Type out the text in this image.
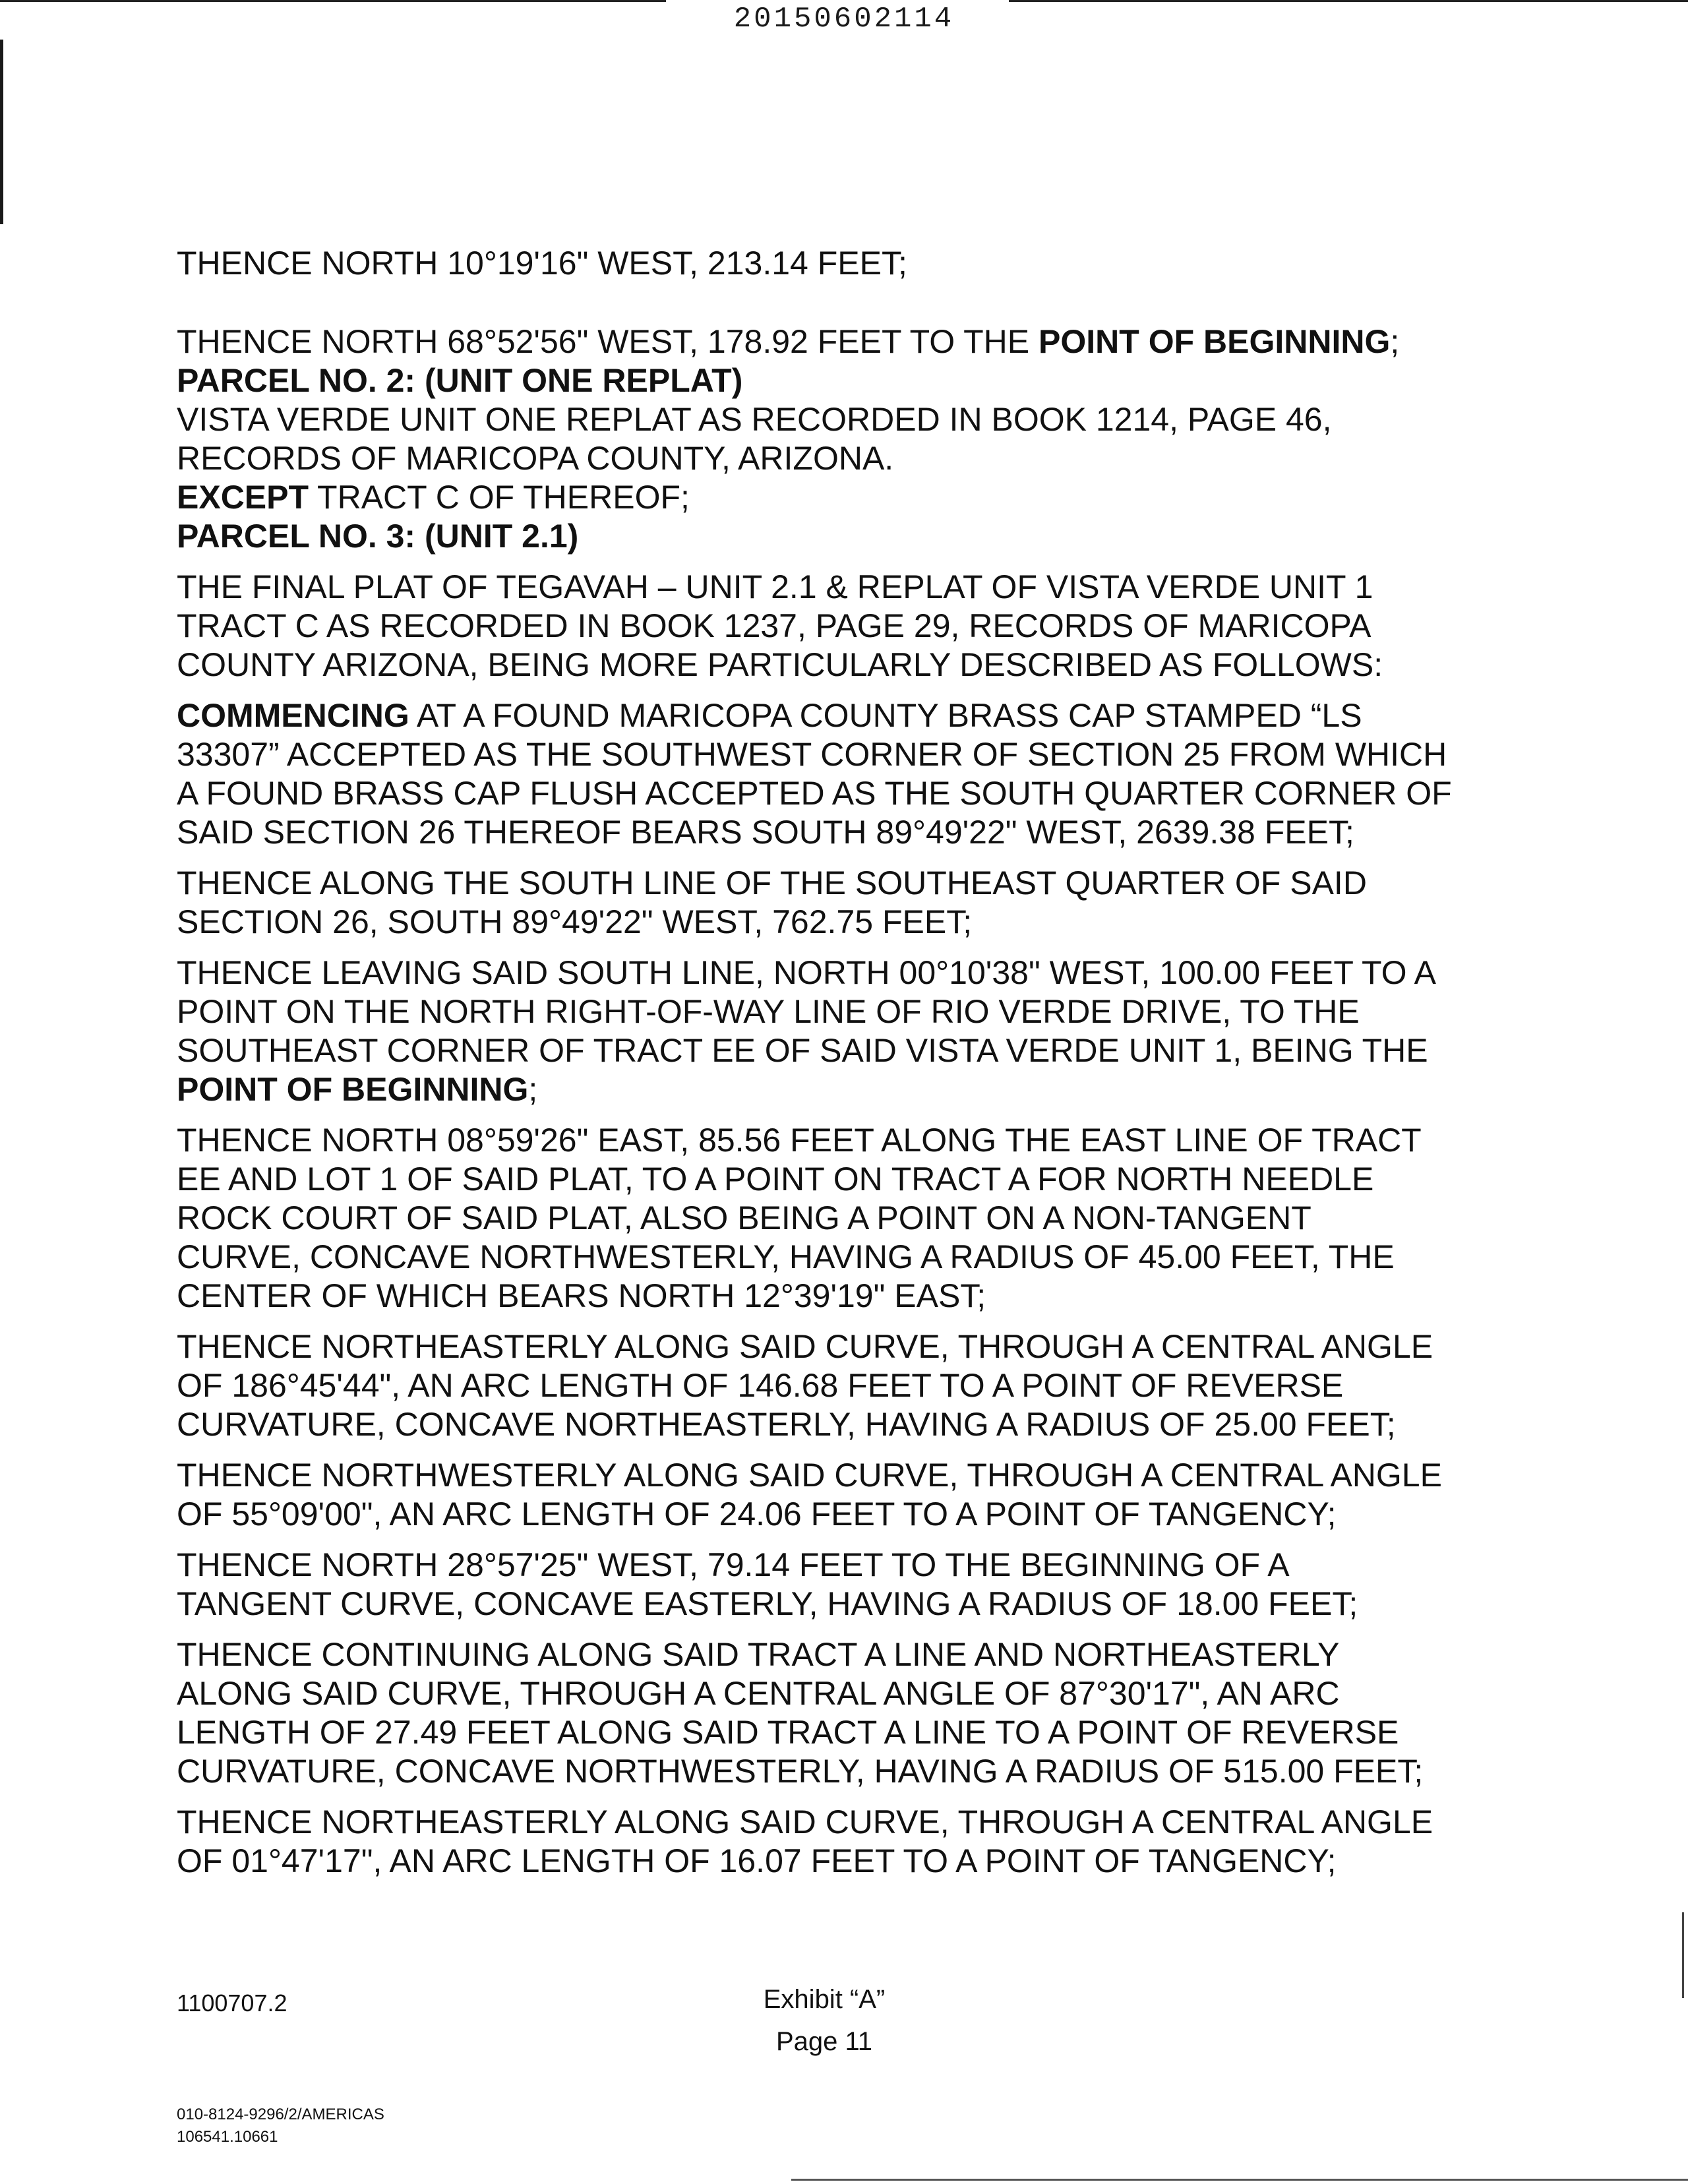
20150602114

THENCE NORTH 10°19'16" WEST, 213.14 FEET;

THENCE NORTH 68°52'56" WEST, 178.92 FEET TO THE POINT OF BEGINNING;

PARCEL NO. 2: (UNIT ONE REPLAT)

VISTA VERDE UNIT ONE REPLAT AS RECORDED IN BOOK 1214, PAGE 46,
RECORDS OF MARICOPA COUNTY, ARIZONA.

EXCEPT TRACT C OF THEREOF;

PARCEL NO. 3: (UNIT 2.1)

THE FINAL PLAT OF TEGAVAH – UNIT 2.1 & REPLAT OF VISTA VERDE UNIT 1
TRACT C AS RECORDED IN BOOK 1237, PAGE 29, RECORDS OF MARICOPA
COUNTY ARIZONA, BEING MORE PARTICULARLY DESCRIBED AS FOLLOWS:

COMMENCING AT A FOUND MARICOPA COUNTY BRASS CAP STAMPED “LS
33307” ACCEPTED AS THE SOUTHWEST CORNER OF SECTION 25 FROM WHICH
A FOUND BRASS CAP FLUSH ACCEPTED AS THE SOUTH QUARTER CORNER OF
SAID SECTION 26 THEREOF BEARS SOUTH 89°49'22" WEST, 2639.38 FEET;

THENCE ALONG THE SOUTH LINE OF THE SOUTHEAST QUARTER OF SAID
SECTION 26, SOUTH 89°49'22" WEST, 762.75 FEET;

THENCE LEAVING SAID SOUTH LINE, NORTH 00°10'38" WEST, 100.00 FEET TO A
POINT ON THE NORTH RIGHT-OF-WAY LINE OF RIO VERDE DRIVE, TO THE
SOUTHEAST CORNER OF TRACT EE OF SAID VISTA VERDE UNIT 1, BEING THE
POINT OF BEGINNING;

THENCE NORTH 08°59'26" EAST, 85.56 FEET ALONG THE EAST LINE OF TRACT
EE AND LOT 1 OF SAID PLAT, TO A POINT ON TRACT A FOR NORTH NEEDLE
ROCK COURT OF SAID PLAT, ALSO BEING A POINT ON A NON-TANGENT
CURVE, CONCAVE NORTHWESTERLY, HAVING A RADIUS OF 45.00 FEET, THE
CENTER OF WHICH BEARS NORTH 12°39'19" EAST;

THENCE NORTHEASTERLY ALONG SAID CURVE, THROUGH A CENTRAL ANGLE
OF 186°45'44", AN ARC LENGTH OF 146.68 FEET TO A POINT OF REVERSE
CURVATURE, CONCAVE NORTHEASTERLY, HAVING A RADIUS OF 25.00 FEET;

THENCE NORTHWESTERLY ALONG SAID CURVE, THROUGH A CENTRAL ANGLE
OF 55°09'00", AN ARC LENGTH OF 24.06 FEET TO A POINT OF TANGENCY;

THENCE NORTH 28°57'25" WEST, 79.14 FEET TO THE BEGINNING OF A
TANGENT CURVE, CONCAVE EASTERLY, HAVING A RADIUS OF 18.00 FEET;

THENCE CONTINUING ALONG SAID TRACT A LINE AND NORTHEASTERLY
ALONG SAID CURVE, THROUGH A CENTRAL ANGLE OF 87°30'17", AN ARC
LENGTH OF 27.49 FEET ALONG SAID TRACT A LINE TO A POINT OF REVERSE
CURVATURE, CONCAVE NORTHWESTERLY, HAVING A RADIUS OF 515.00 FEET;

THENCE NORTHEASTERLY ALONG SAID CURVE, THROUGH A CENTRAL ANGLE
OF 01°47'17", AN ARC LENGTH OF 16.07 FEET TO A POINT OF TANGENCY;

1100707.2	Exhibit “A”
Page 11
010-8124-9296/2/AMERICAS
106541.10661
